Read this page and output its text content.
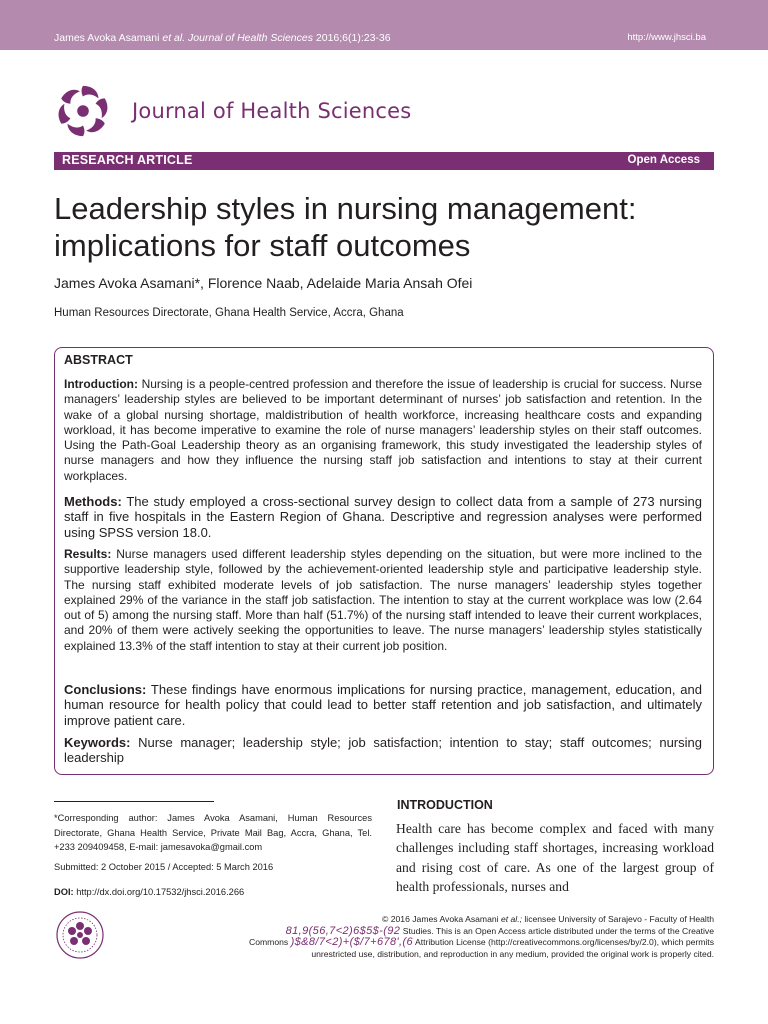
James Avoka Asamani et al. Journal of Health Sciences 2016;6(1):23-36	http://www.jhsci.ba
Journal of Health Sciences
RESEARCH ARTICLE	Open Access
Leadership styles in nursing management: implications for staff outcomes
James Avoka Asamani*, Florence Naab, Adelaide Maria Ansah Ofei
Human Resources Directorate, Ghana Health Service, Accra, Ghana
ABSTRACT

Introduction: Nursing is a people-centred profession and therefore the issue of leadership is crucial for success. Nurse managers’ leadership styles are believed to be important determinant of nurses’ job satisfaction and retention. In the wake of a global nursing shortage, maldistribution of health workforce, increasing healthcare costs and expanding workload, it has become imperative to examine the role of nurse managers’ leadership styles on their staff outcomes. Using the Path-Goal Leadership theory as an organising framework, this study investigated the leadership styles of nurse managers and how they influence the nursing staff job satisfaction and intentions to stay at their current workplaces.

Methods: The study employed a cross-sectional survey design to collect data from a sample of 273 nursing staff in five hospitals in the Eastern Region of Ghana. Descriptive and regression analyses were performed using SPSS version 18.0.

Results: Nurse managers used different leadership styles depending on the situation, but were more inclined to the supportive leadership style, followed by the achievement-oriented leadership style and participative leadership style. The nursing staff exhibited moderate levels of job satisfaction. The nurse managers’ leadership styles together explained 29% of the variance in the staff job satisfaction. The intention to stay at the current workplace was low (2.64 out of 5) among the nursing staff. More than half (51.7%) of the nursing staff intended to leave their current workplaces, and 20% of them were actively seeking the opportunities to leave. The nurse managers’ leadership styles statistically explained 13.3% of the staff intention to stay at their current job position.

Conclusions: These findings have enormous implications for nursing practice, management, education, and human resource for health policy that could lead to better staff retention and job satisfaction, and ultimately improve patient care.

Keywords: Nurse manager; leadership style; job satisfaction; intention to stay; staff outcomes; nursing leadership

*Corresponding author: James Avoka Asamani, Human Resources Directorate, Ghana Health Service, Private Mail Bag, Accra, Ghana, Tel. +233 209409458, E-mail: jamesavoka@gmail.com
Submitted: 2 October 2015 / Accepted: 5 March 2016
DOI: http://dx.doi.org/10.17532/jhsci.2016.266
INTRODUCTION

Health care has become complex and faced with many challenges including staff shortages, increasing workload and rising cost of care. As one of the largest group of health professionals, nurses and

© 2016 James Avoka Asamani et al.; licensee University of Sarajevo - Faculty of Health
81,9(56,7<2)6$5$-(92 Studies. This is an Open Access article distributed under the terms of the Creative
Commons )$&8/7<2)+($/7+678',(6 Attribution License (http://creativecommons.org/licenses/by/2.0), which permits
unrestricted use, distribution, and reproduction in any medium, provided the original work is properly cited.
